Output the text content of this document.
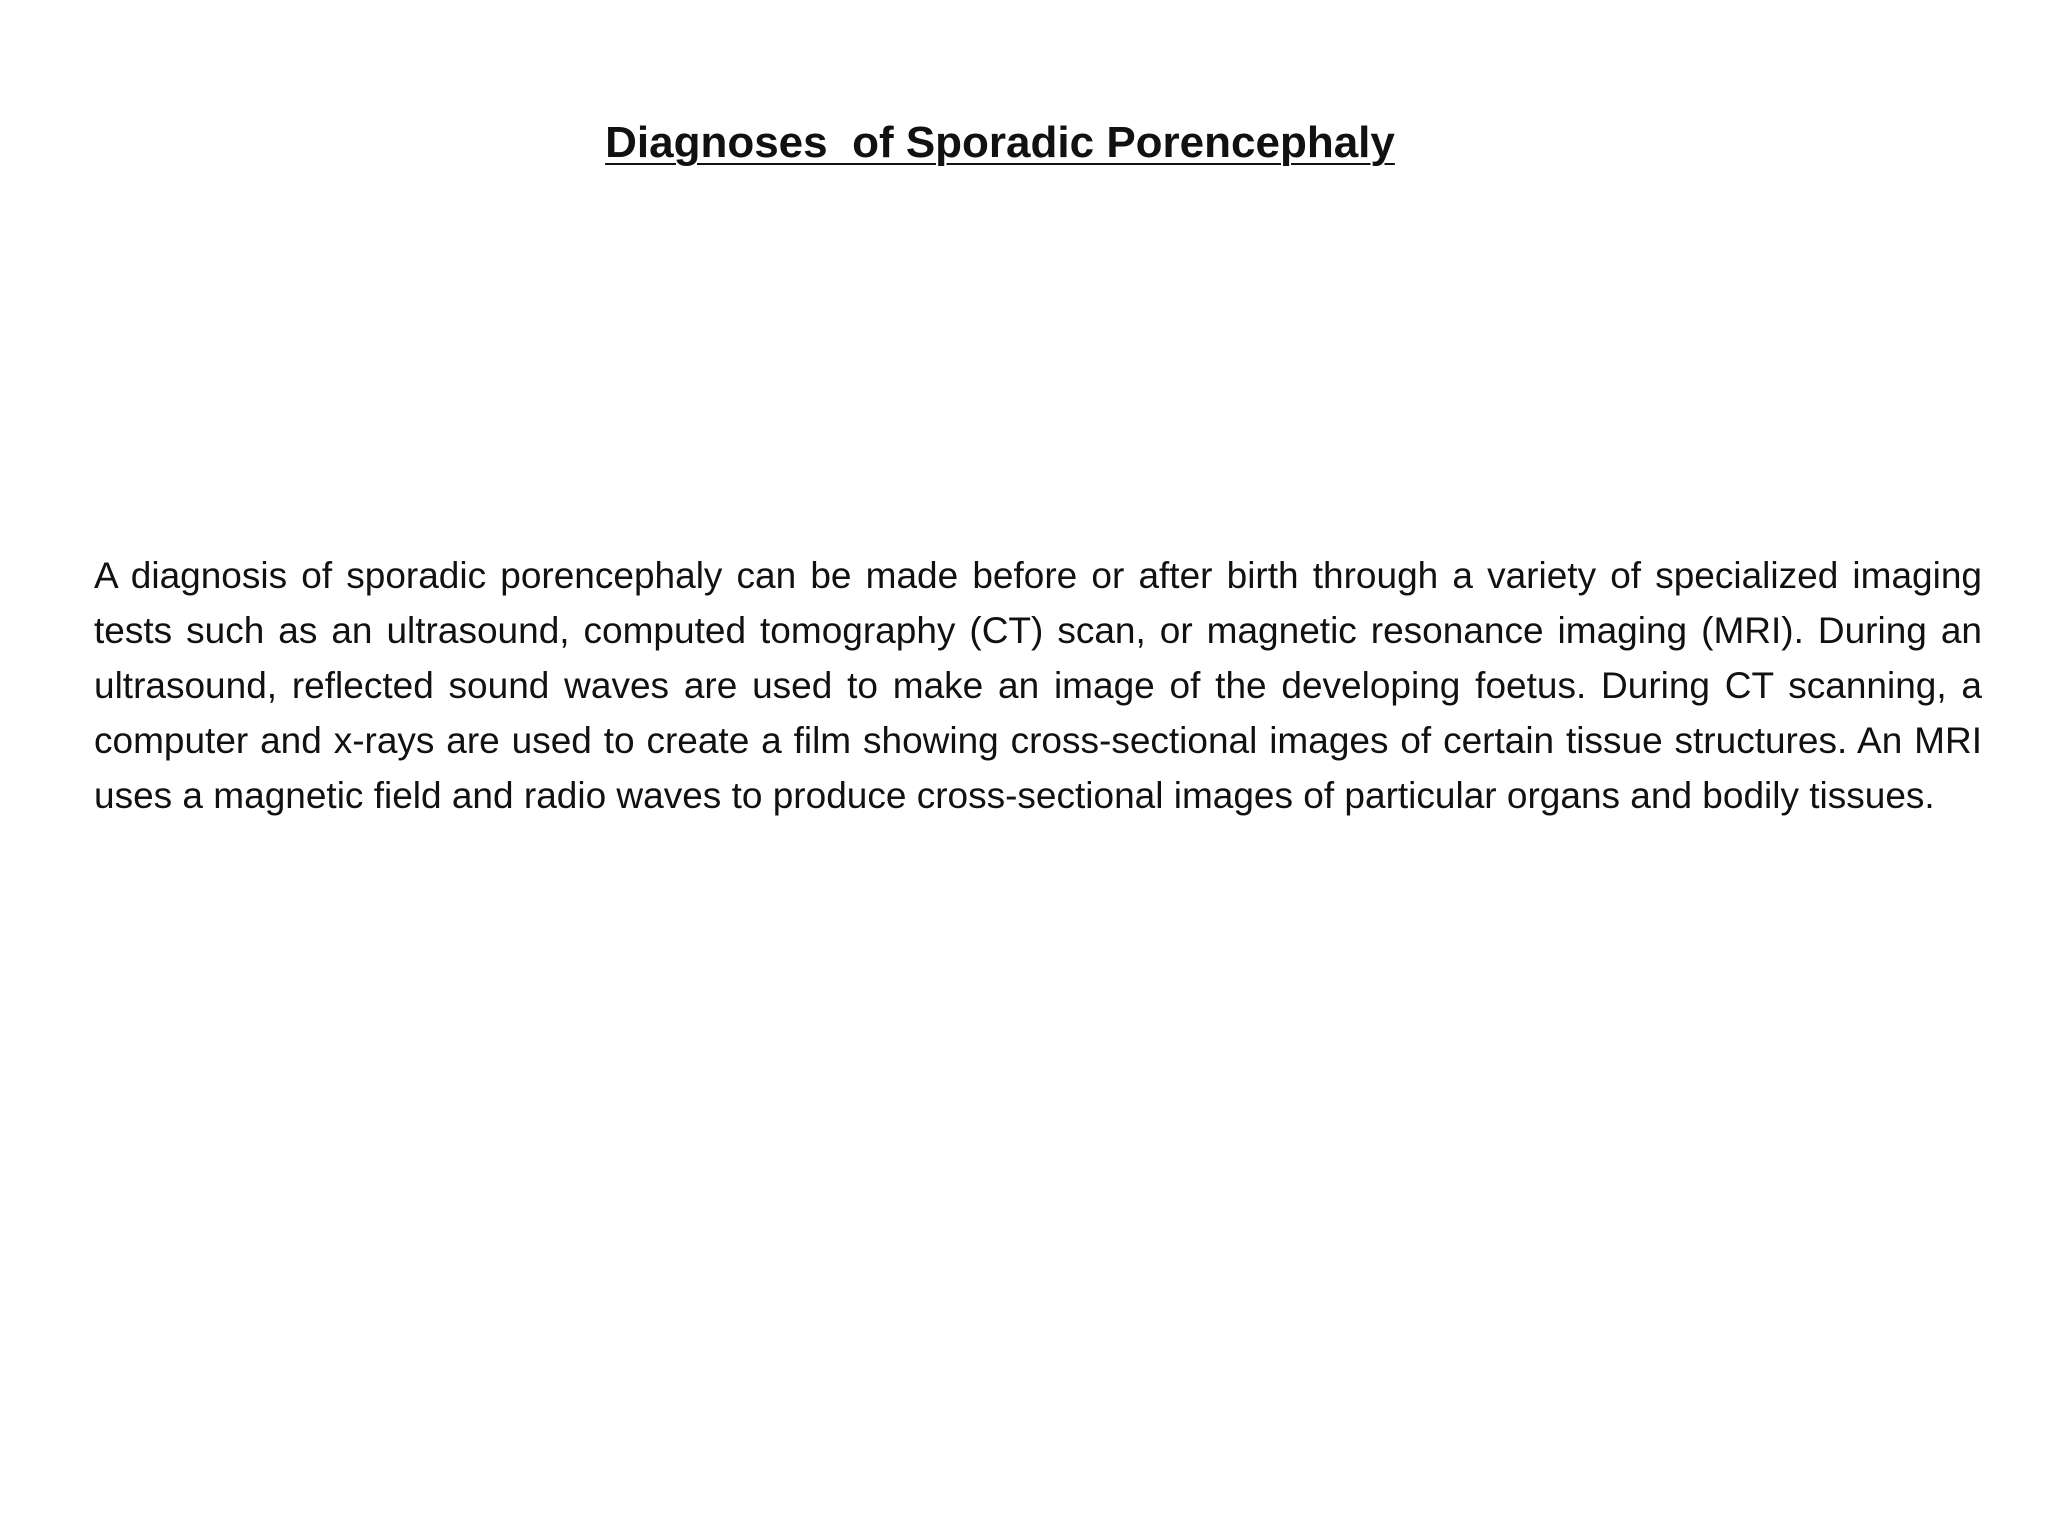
Diagnoses  of Sporadic Porencephaly

A diagnosis of sporadic porencephaly can be made before or after birth through a variety of specialized imaging tests such as an ultrasound, computed tomography (CT) scan, or magnetic resonance imaging (MRI). During an ultrasound, reflected sound waves are used to make an image of the developing foetus. During CT scanning, a computer and x-rays are used to create a film showing cross-sectional images of certain tissue structures. An MRI uses a magnetic field and radio waves to produce cross-sectional images of particular organs and bodily tissues.
